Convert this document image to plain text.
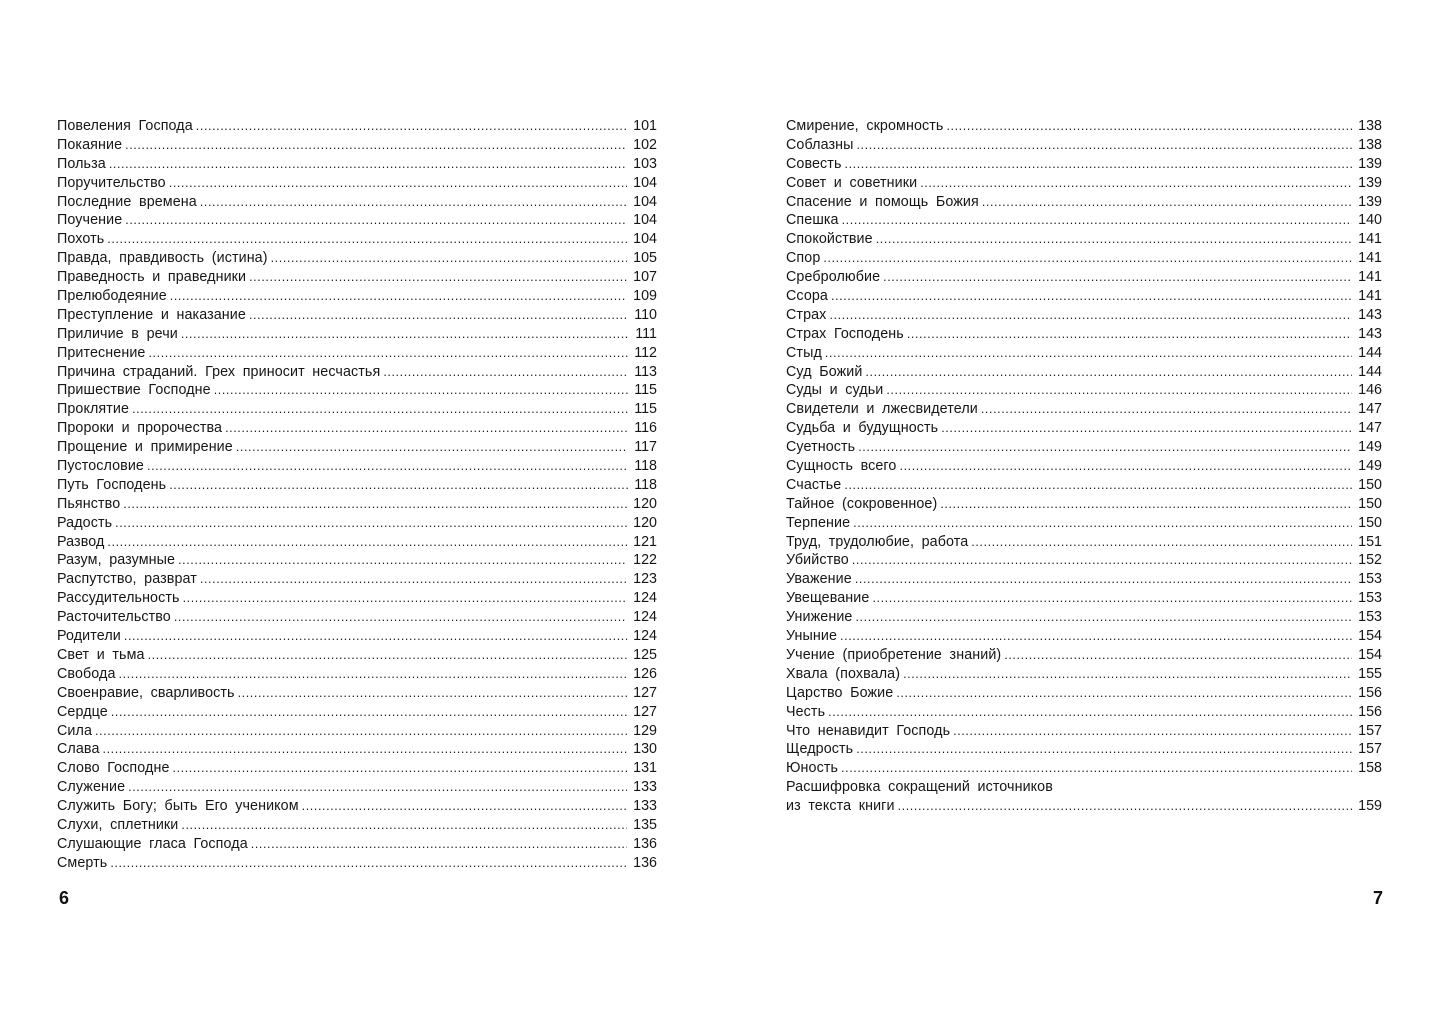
Повеления Господа .....	101
Покаяние .....	102
Польза .....	103
Поручительство .....	104
Последние времена .....	104
Поучение .....	104
Похоть .....	104
Правда, правдивость (истина) .....	105
Праведность и праведники .....	107
Прелюбодеяние .....	109
Преступление и наказание .....	110
Приличие в речи .....	111
Притеснение .....	112
Причина страданий. Грех приносит несчастья .....	113
Пришествие Господне .....	115
Проклятие .....	115
Пророки и пророчества .....	116
Прощение и примирение .....	117
Пустословие .....	118
Путь Господень .....	118
Пьянство .....	120
Радость .....	120
Развод .....	121
Разум, разумные .....	122
Распутство, разврат .....	123
Рассудительность .....	124
Расточительство .....	124
Родители .....	124
Свет и тьма .....	125
Свобода .....	126
Своенравие, сварливость .....	127
Сердце .....	127
Сила .....	129
Слава .....	130
Слово Господне .....	131
Служение .....	133
Служить Богу; быть Его учеником .....	133
Слухи, сплетники .....	135
Слушающие гласа Господа .....	136
Смерть .....	136
6
Смирение, скромность .....	138
Соблазны .....	138
Совесть .....	139
Совет и советники .....	139
Спасение и помощь Божия .....	139
Спешка .....	140
Спокойствие .....	141
Спор .....	141
Сребролюбие .....	141
Ссора .....	141
Страх .....	143
Страх Господень .....	143
Стыд .....	144
Суд Божий .....	144
Суды и судьи .....	146
Свидетели и лжесвидетели .....	147
Судьба и будущность .....	147
Суетность .....	149
Сущность всего .....	149
Счастье .....	150
Тайное (сокровенное) .....	150
Терпение .....	150
Труд, трудолюбие, работа .....	151
Убийство .....	152
Уважение .....	153
Увещевание .....	153
Унижение .....	153
Уныние .....	154
Учение (приобретение знаний) .....	154
Хвала (похвала) .....	155
Царство Божие .....	156
Честь .....	156
Что ненавидит Господь .....	157
Щедрость .....	157
Юность .....	158
Расшифровка сокращений источников
из текста книги .....	159
7
